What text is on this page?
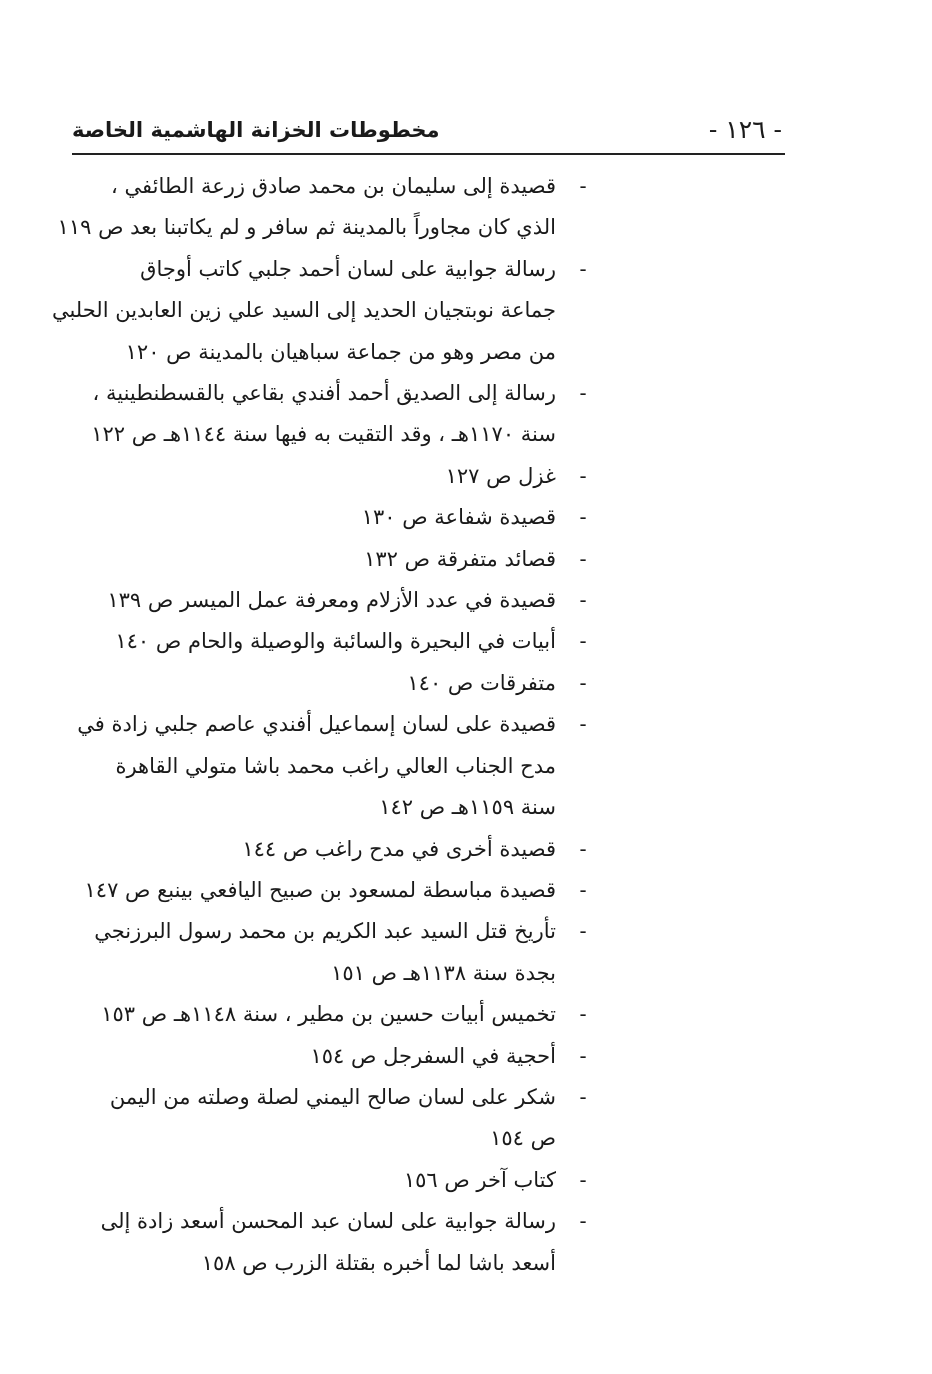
- ١٢٦ -
مخطوطات الخزانة الهاشمية الخاصة
-
قصيدة إلى سليمان بن محمد صادق زرعة الطائفي ،
الذي كان مجاوراً بالمدينة ثم سافر و لم يكاتبنا بعد ص ١١٩
-
رسالة جوابية على لسان أحمد جلبي كاتب أوجاق
جماعة نوبتجيان الحديد إلى السيد علي زين العابدين الحلبي
من مصر وهو من جماعة سباهيان بالمدينة ص ١٢٠
-
رسالة إلى الصديق أحمد أفندي بقاعي بالقسطنطينية ،
سنة ١١٧٠هـ ، وقد التقيت به فيها سنة ١١٤٤هـ ص ١٢٢
-
غزل ص ١٢٧
-
قصيدة شفاعة ص ١٣٠
-
قصائد متفرقة ص ١٣٢
-
قصيدة في عدد الأزلام ومعرفة عمل الميسر ص ١٣٩
-
أبيات في البحيرة والسائبة والوصيلة والحام ص ١٤٠
-
متفرقات ص ١٤٠
-
قصيدة على لسان إسماعيل أفندي عاصم جلبي زادة في
مدح الجناب العالي راغب محمد باشا متولي القاهرة
سنة ١١٥٩هـ ص ١٤٢
-
قصيدة أخرى في مدح راغب ص ١٤٤
-
قصيدة مباسطة لمسعود بن صبيح اليافعي بينبع ص ١٤٧
-
تأريخ قتل السيد عبد الكريم بن محمد رسول البرزنجي
بجدة سنة ١١٣٨هـ ص ١٥١
-
تخميس أبيات حسين بن مطير ، سنة ١١٤٨هـ ص ١٥٣
-
أحجية في السفرجل ص ١٥٤
-
شكر على لسان صالح اليمني لصلة وصلته من اليمن
ص ١٥٤
-
كتاب آخر ص ١٥٦
-
رسالة جوابية على لسان عبد المحسن أسعد زادة إلى
أسعد باشا لما أخبره بقتلة الزرب ص ١٥٨
